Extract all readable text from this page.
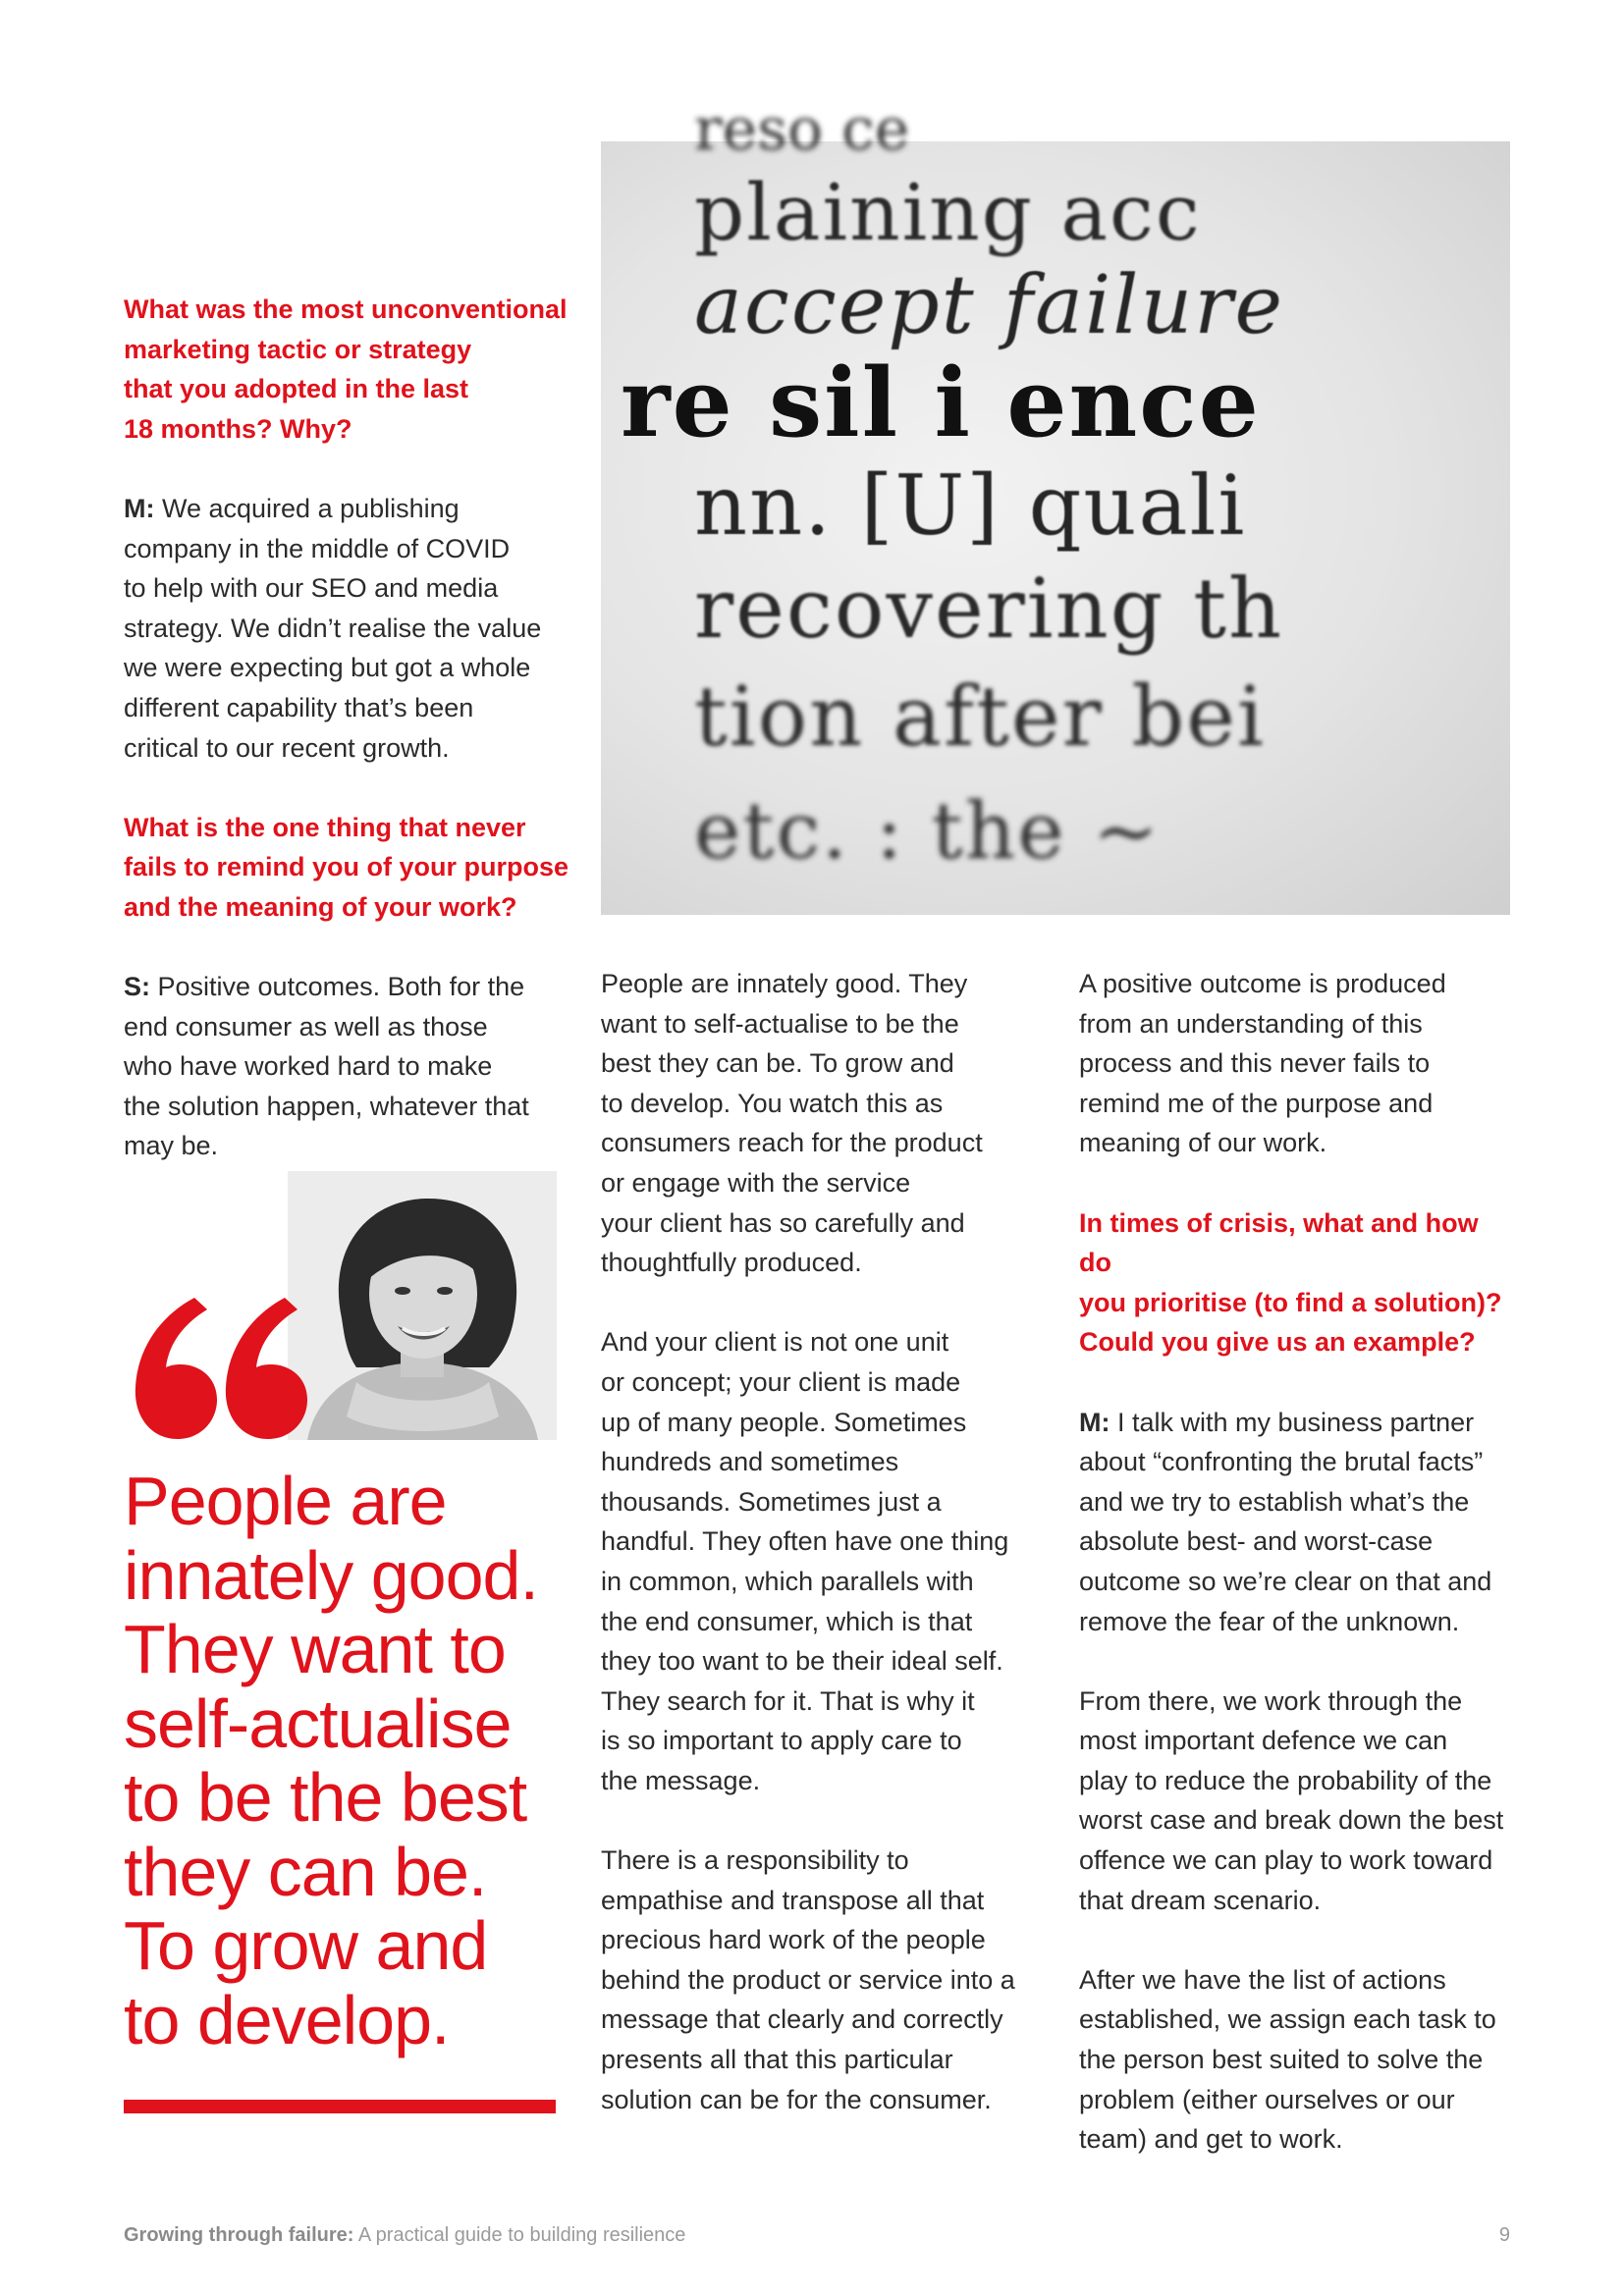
What was the most unconventional

marketing tactic or strategy

that you adopted in the last

18 months? Why?

M: We acquired a publishing

company in the middle of COVID

to help with our SEO and media

strategy. We didn’t realise the value

we were expecting but got a whole

different capability that’s been

critical to our recent growth.

What is the one thing that never

fails to remind you of your purpose

and the meaning of your work?

S: Positive outcomes. Both for the

end consumer as well as those

who have worked hard to make

the solution happen, whatever that

may be.

reso ce
plaining acc
accept failure
re sil i ence
nn. [U] quali
recovering th
tion after bei
etc. : the ~

People are

innately good.

They want to

self-actualise

to be the best

they can be.

To grow and

to develop.

People are innately good. They

want to self-actualise to be the

best they can be. To grow and

to develop. You watch this as

consumers reach for the product

or engage with the service

your client has so carefully and

thoughtfully produced.

And your client is not one unit

or concept; your client is made

up of many people. Sometimes

hundreds and sometimes

thousands. Sometimes just a

handful. They often have one thing

in common, which parallels with

the end consumer, which is that

they too want to be their ideal self.

They search for it. That is why it

is so important to apply care to

the message.

There is a responsibility to

empathise and transpose all that

precious hard work of the people

behind the product or service into a

message that clearly and correctly

presents all that this particular

solution can be for the consumer.

A positive outcome is produced

from an understanding of this

process and this never fails to

remind me of the purpose and

meaning of our work.

In times of crisis, what and how do

you prioritise (to find a solution)?

Could you give us an example?

M: I talk with my business partner

about “confronting the brutal facts”

and we try to establish what’s the

absolute best- and worst-case

outcome so we’re clear on that and

remove the fear of the unknown.

From there, we work through the

most important defence we can

play to reduce the probability of the

worst case and break down the best

offence we can play to work toward

that dream scenario.

After we have the list of actions

established, we assign each task to

the person best suited to solve the

problem (either ourselves or our

team) and get to work.

Growing through failure: A practical guide to building resilience	9
